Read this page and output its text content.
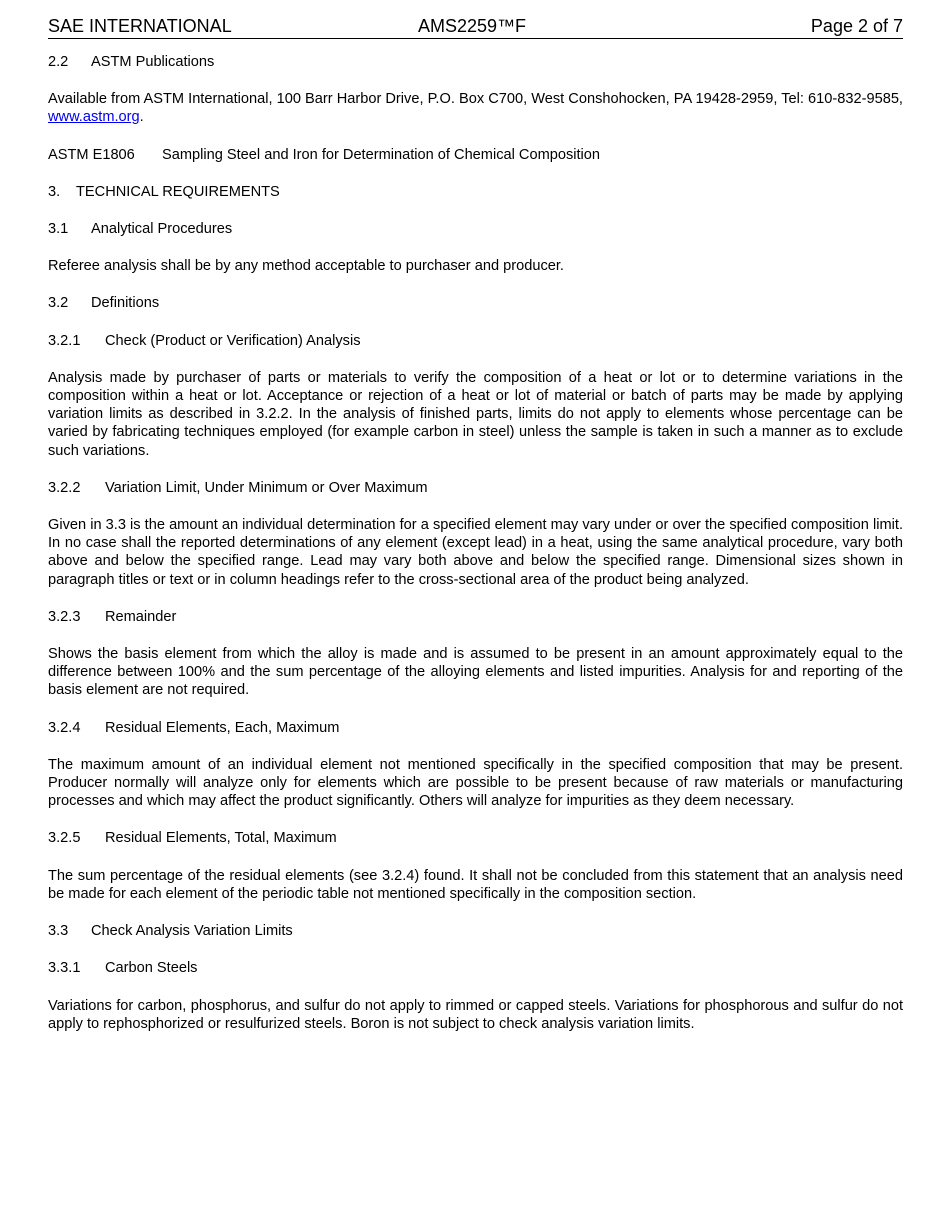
SAE INTERNATIONAL	AMS2259™F	Page 2 of 7

2.2 ASTM Publications

Available from ASTM International, 100 Barr Harbor Drive, P.O. Box C700, West Conshohocken, PA 19428-2959, Tel: 610-832-9585, www.astm.org.

ASTM E1806 Sampling Steel and Iron for Determination of Chemical Composition

3. TECHNICAL REQUIREMENTS

3.1 Analytical Procedures

Referee analysis shall be by any method acceptable to purchaser and producer.

3.2 Definitions

3.2.1 Check (Product or Verification) Analysis

Analysis made by purchaser of parts or materials to verify the composition of a heat or lot or to determine variations in the composition within a heat or lot. Acceptance or rejection of a heat or lot of material or batch of parts may be made by applying variation limits as described in 3.2.2. In the analysis of finished parts, limits do not apply to elements whose percentage can be varied by fabricating techniques employed (for example carbon in steel) unless the sample is taken in such a manner as to exclude such variations.

3.2.2 Variation Limit, Under Minimum or Over Maximum

Given in 3.3 is the amount an individual determination for a specified element may vary under or over the specified composition limit. In no case shall the reported determinations of any element (except lead) in a heat, using the same analytical procedure, vary both above and below the specified range. Lead may vary both above and below the specified range. Dimensional sizes shown in paragraph titles or text or in column headings refer to the cross-sectional area of the product being analyzed.

3.2.3 Remainder

Shows the basis element from which the alloy is made and is assumed to be present in an amount approximately equal to the difference between 100% and the sum percentage of the alloying elements and listed impurities. Analysis for and reporting of the basis element are not required.

3.2.4 Residual Elements, Each, Maximum

The maximum amount of an individual element not mentioned specifically in the specified composition that may be present. Producer normally will analyze only for elements which are possible to be present because of raw materials or manufacturing processes and which may affect the product significantly. Others will analyze for impurities as they deem necessary.

3.2.5 Residual Elements, Total, Maximum

The sum percentage of the residual elements (see 3.2.4) found. It shall not be concluded from this statement that an analysis need be made for each element of the periodic table not mentioned specifically in the composition section.

3.3 Check Analysis Variation Limits

3.3.1 Carbon Steels

Variations for carbon, phosphorus, and sulfur do not apply to rimmed or capped steels. Variations for phosphorous and sulfur do not apply to rephosphorized or resulfurized steels. Boron is not subject to check analysis variation limits.
